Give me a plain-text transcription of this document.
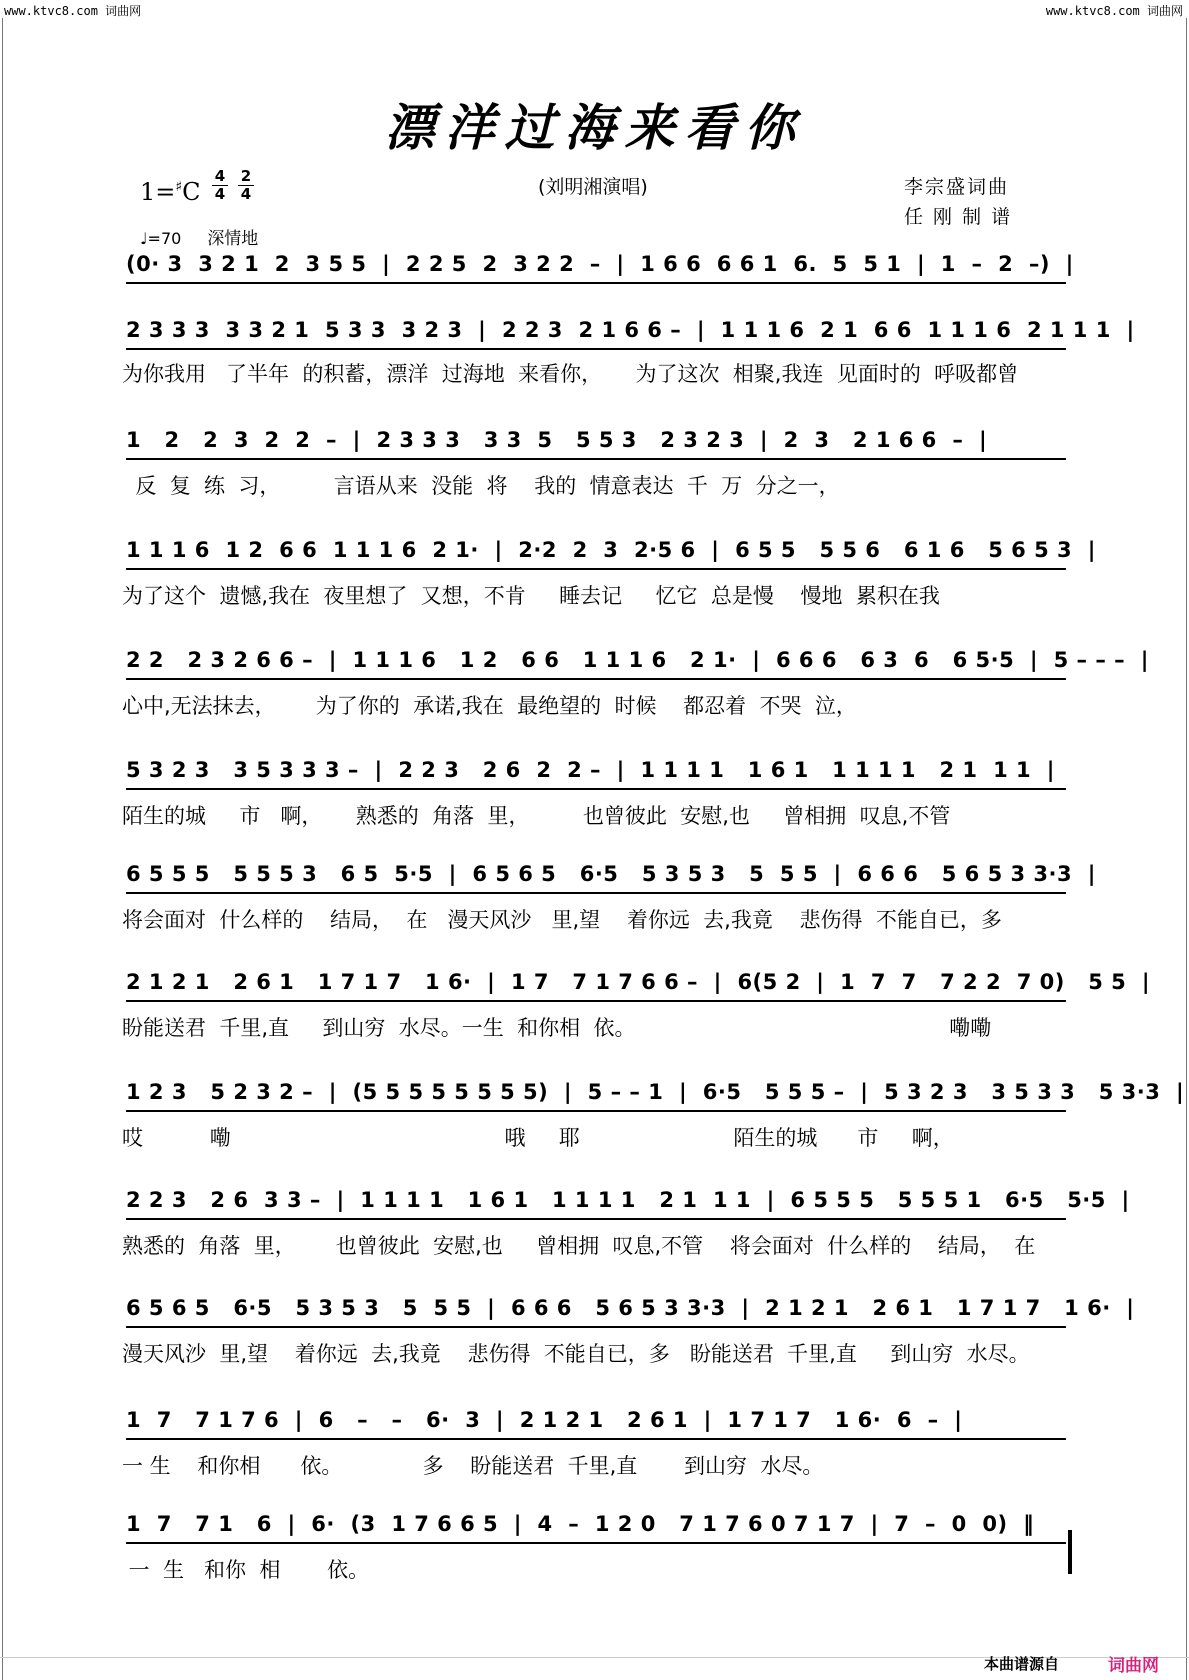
www.ktvc8.com 词曲网	www.ktvc8.com 词曲网
漂洋过海来看你
1=♯C
4
4
2
4	(刘明湘演唱)	李宗盛词曲
任 刚 制 谱
♩=70 深情地
(0· 3  3 2 1  2  3 5 5  |  2 2 5  2  3 2 2  –  |  1 6 6  6 6 1  6.  5  5 1  |  1  –  2  –)  |
2 3 3 3  3 3 2 1  5 3 3  3 2 3  |  2 2 3  2 1 6 6 –  |  1 1 1 6  2 1  6 6  1 1 1 6  2 1 1 1  |
为你我用   了半年  的积蓄，漂洋  过海地  来看你，     为了这次  相聚,我连  见面时的  呼吸都曾
1   2   2  3  2  2  –  |  2 3 3 3   3 3  5   5 5 3   2 3 2 3  |  2  3   2 1 6 6  –  |
反  复  练  习，        言语从来  没能  将    我的  情意表达  千  万  分之一，
1 1 1 6  1 2  6 6  1 1 1 6  2 1·  |  2·2  2  3  2·5 6  |  6 5 5   5 5 6   6 1 6   5 6 5 3  |
为了这个  遗憾,我在  夜里想了  又想，不肯     睡去记     忆它  总是慢    慢地  累积在我
2 2   2 3 2 6 6 –  |  1 1 1 6   1 2   6 6   1 1 1 6   2 1·  |  6 6 6   6 3  6   6 5·5  |  5 – – –  |
心中,无法抹去，      为了你的  承诺,我在  最绝望的  时候    都忍着  不哭  泣，
5 3 2 3   3 5 3 3 3 –  |  2 2 3   2 6  2  2 –  |  1 1 1 1   1 6 1   1 1 1 1   2 1  1 1  |
陌生的城     市   啊，     熟悉的  角落  里，        也曾彼此  安慰,也     曾相拥  叹息,不管
6 5 5 5   5 5 5 3   6 5  5·5  |  6 5 6 5   6·5   5 3 5 3   5  5 5  |  6 6 6   5 6 5 3 3·3  |
将会面对  什么样的    结局，  在   漫天风沙   里,望    着你远  去,我竟    悲伤得  不能自已，多
2 1 2 1   2 6 1   1 7 1 7   1 6·  |  1 7   7 1 7 6 6 –  |  6(5 2  |  1  7  7   7 2 2  7 0)   5 5  |
盼能送君  千里,直     到山穷  水尽。一生  和你相  依。                                               嘞嘞
1 2 3   5 2 3 2 –  |  (5 5 5 5 5 5 5 5)  |  5 – – 1  |  6·5   5 5 5 –  |  5 3 2 3   3 5 3 3   5 3·3  |
哎          嘞                                         哦     耶                       陌生的城      市     啊，
2 2 3   2 6  3 3 –  |  1 1 1 1   1 6 1   1 1 1 1   2 1  1 1  |  6 5 5 5   5 5 5 1   6·5   5·5  |
熟悉的  角落  里，      也曾彼此  安慰,也     曾相拥  叹息,不管    将会面对  什么样的    结局，  在
6 5 6 5   6·5   5 3 5 3   5  5 5  |  6 6 6   5 6 5 3 3·3  |  2 1 2 1   2 6 1   1 7 1 7   1 6·  |
漫天风沙  里,望    着你远  去,我竟    悲伤得  不能自已，多   盼能送君  千里,直     到山穷  水尽。
1  7   7 1 7 6  |  6   –   –   6·  3  |  2 1 2 1   2 6 1  |  1 7 1 7   1 6·  6  –  |
一 生    和你相      依。            多    盼能送君  千里,直       到山穷  水尽。
1  7   7 1   6  |  6·  (3  1 7 6 6 5  |  4  –  1 2 0   7 1 7 6 0 7 1 7  |  7  –  0  0)  ‖
一  生   和你  相       依。
本曲谱源自	词曲网
